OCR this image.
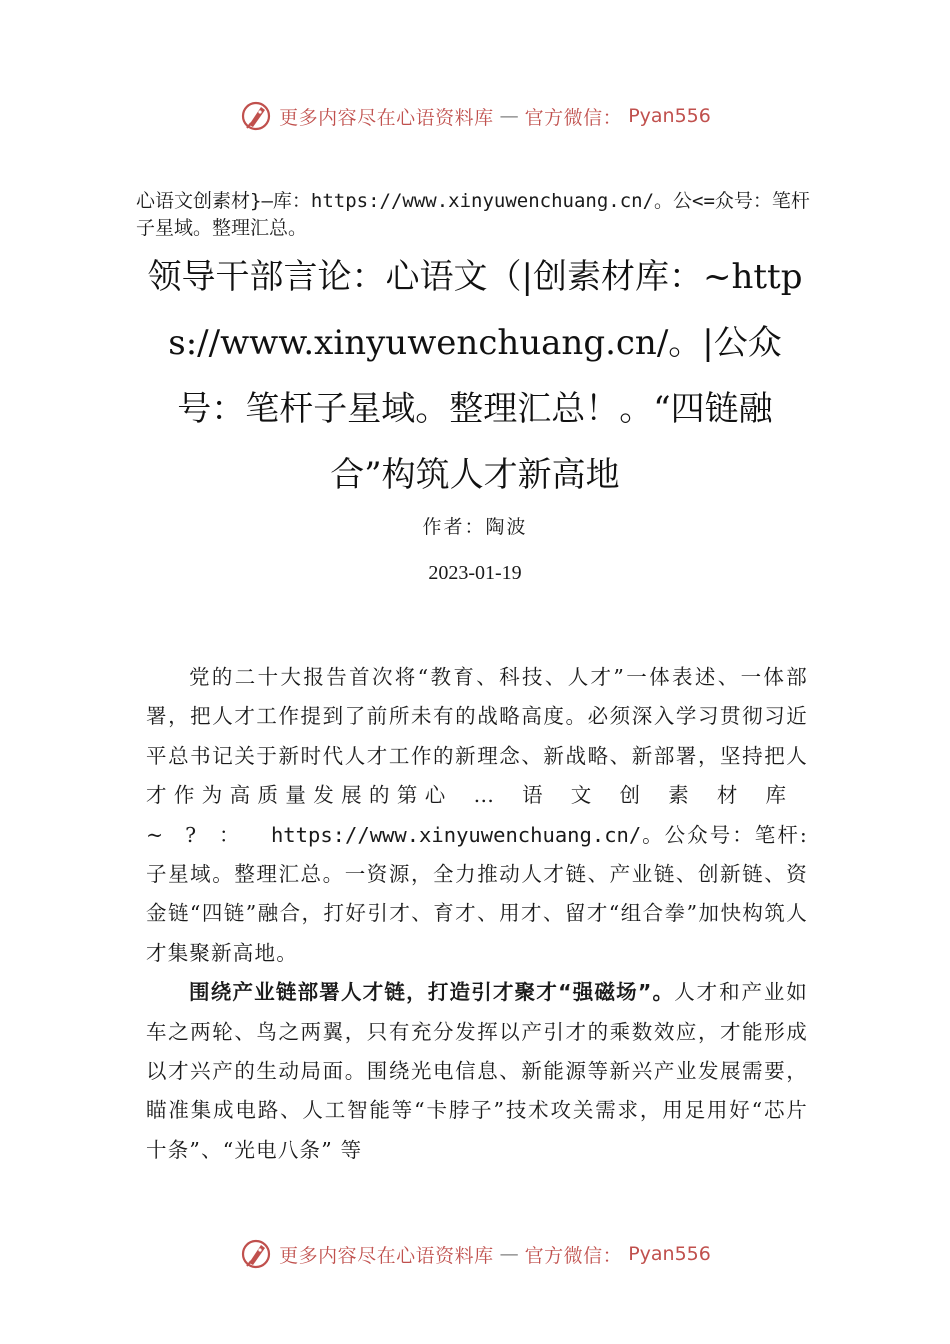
更多内容尽在心语资料库 — 官方微信： Pyan556
心语文创素材}—库：https://www.xinyuwenchuang.cn/。公<=众号：笔杆子星域。整理汇总。
领导干部言论：心语文（|创素材库：~https://www.xinyuwenchuang.cn/。|公众号：笔杆子星域。整理汇总！。“四链融合”构筑人才新高地
作者：陶波
2023-01-19

党的二十大报告首次将“教育、科技、人才”一体表述、一体部署，把人才工作提到了前所未有的战略高度。必须深入学习贯彻习近平总书记关于新时代人才工作的新理念、新战略、新部署，坚持把人才作为高质量发展的第心…语文创素材库~?： https://www.xinyuwenchuang.cn/。公众号：笔杆:子星域。整理汇总。一资源，全力推动人才链、产业链、创新链、资金链“四链”融合，打好引才、育才、用才、留才“组合拳”加快构筑人才集聚新高地。

围绕产业链部署人才链，打造引才聚才“强磁场”。人才和产业如车之两轮、鸟之两翼，只有充分发挥以产引才的乘数效应，才能形成以才兴产的生动局面。围绕光电信息、新能源等新兴产业发展需要，瞄准集成电路、人工智能等“卡脖子”技术攻关需求，用足用好“芯片十条”、“光电八条” 等

更多内容尽在心语资料库 — 官方微信： Pyan556
